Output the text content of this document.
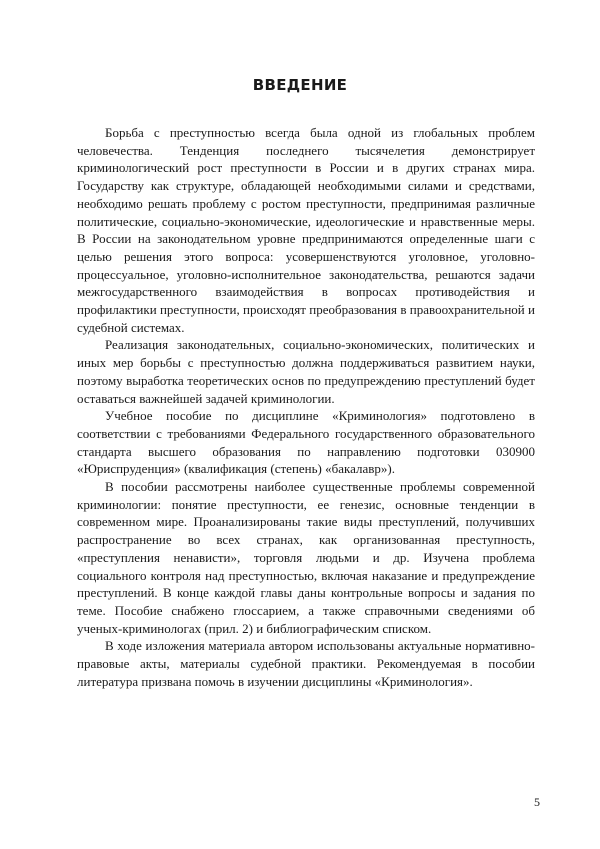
ВВЕДЕНИЕ

Борьба с преступностью всегда была одной из глобальных проблем человечества. Тенденция последнего тысячелетия демонстрирует криминологический рост преступности в России и в других странах мира. Государству как структуре, обладающей необходимыми силами и средствами, необходимо решать проблему с ростом преступности, предпринимая различные политические, социально-экономические, идеологические и нравственные меры. В России на законодательном уровне предпринимаются определенные шаги с целью решения этого вопроса: усовершенствуются уголовное, уголовно-процессуальное, уголовно-исполнительное законодательства, решаются задачи межгосударственного взаимодействия в вопросах противодействия и профилактики преступности, происходят преобразования в правоохранительной и судебной системах.

Реализация законодательных, социально-экономических, политических и иных мер борьбы с преступностью должна поддерживаться развитием науки, поэтому выработка теоретических основ по предупреждению преступлений будет оставаться важнейшей задачей криминологии.

Учебное пособие по дисциплине «Криминология» подготовлено в соответствии с требованиями Федерального государственного образовательного стандарта высшего образования по направлению подготовки 030900 «Юриспруденция» (квалификация (степень) «бакалавр»).

В пособии рассмотрены наиболее существенные проблемы современной криминологии: понятие преступности, ее генезис, основные тенденции в современном мире. Проанализированы такие виды преступлений, получивших распространение во всех странах, как организованная преступность, «преступления ненависти», торговля людьми и др. Изучена проблема социального контроля над преступностью, включая наказание и предупреждение преступлений. В конце каждой главы даны контрольные вопросы и задания по теме. Пособие снабжено глоссарием, а также справочными сведениями об ученых-криминологах (прил. 2) и библиографическим списком.

В ходе изложения материала автором использованы актуальные нормативно-правовые акты, материалы судебной практики. Рекомендуемая в пособии литература призвана помочь в изучении дисциплины «Криминология».

5
